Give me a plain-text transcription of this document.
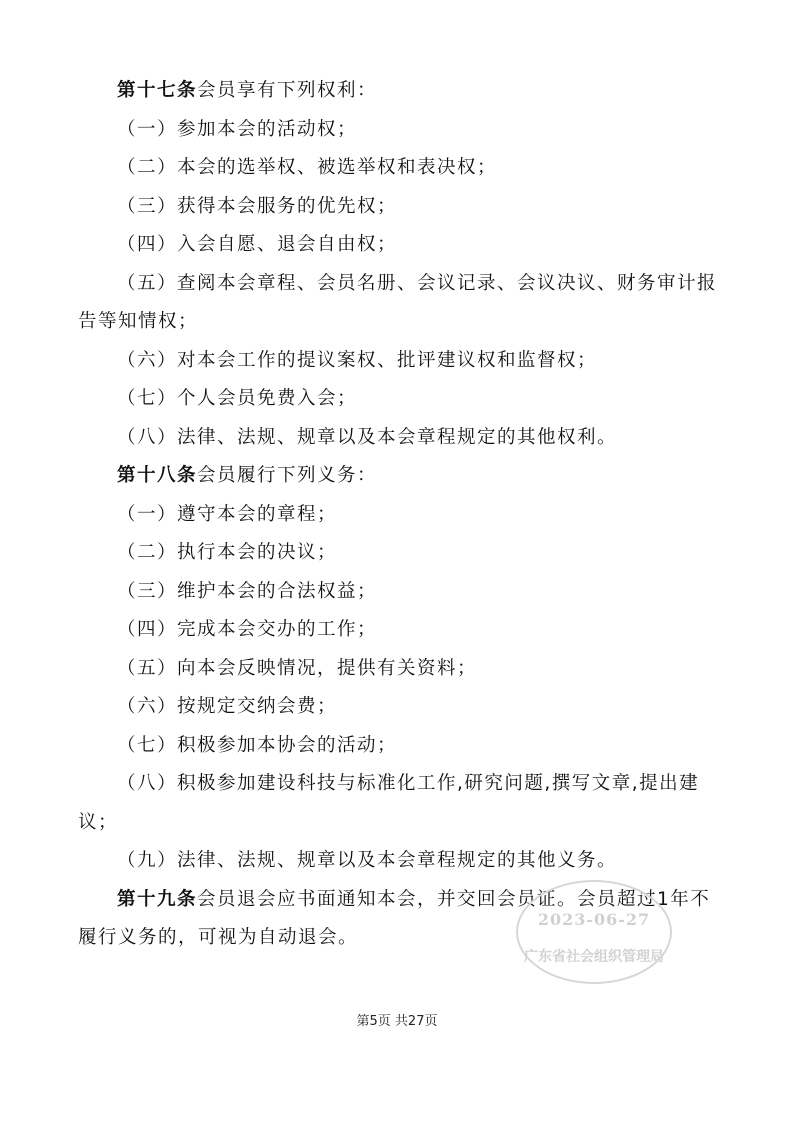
第十七条会员享有下列权利：

（一）参加本会的活动权；

（二）本会的选举权、被选举权和表决权；

（三）获得本会服务的优先权；

（四）入会自愿、退会自由权；

（五）查阅本会章程、会员名册、会议记录、会议决议、财务审计报告等知情权；

（六）对本会工作的提议案权、批评建议权和监督权；

（七）个人会员免费入会；

（八）法律、法规、规章以及本会章程规定的其他权利。

第十八条会员履行下列义务：

（一）遵守本会的章程；

（二）执行本会的决议；

（三）维护本会的合法权益；

（四）完成本会交办的工作；

（五）向本会反映情况，提供有关资料；

（六）按规定交纳会费；

（七）积极参加本协会的活动；

（八）积极参加建设科技与标准化工作,研究问题,撰写文章,提出建议；

（九）法律、法规、规章以及本会章程规定的其他义务。

第十九条会员退会应书面通知本会，并交回会员证。会员超过1年不履行义务的，可视为自动退会。

2023-06-27
广东省社会组织管理局
第5页 共27页
